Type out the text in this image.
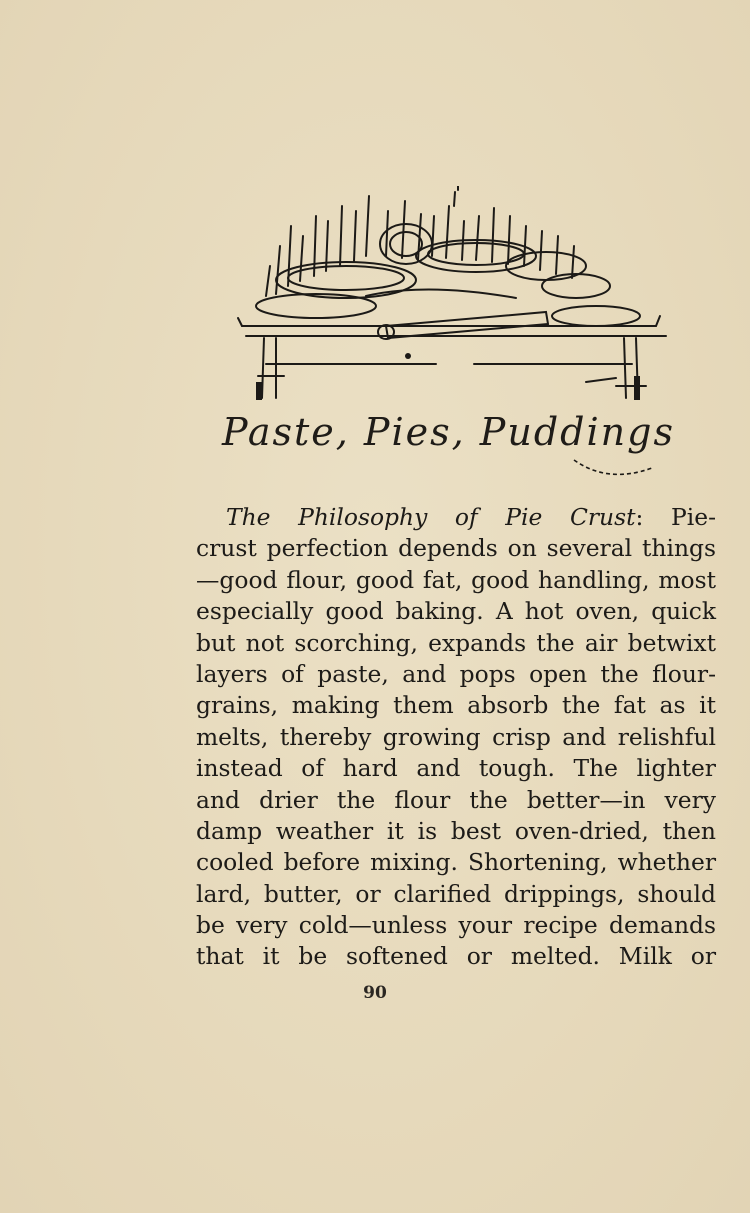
Paste, Pies, Puddings
The Philosophy of Pie Crust: Pie-
crust perfection depends on several things
—good flour, good fat, good handling, most
especially good baking. A hot oven, quick
but not scorching, expands the air betwixt
layers of paste, and pops open the flour-
grains, making them absorb the fat as it
melts, thereby growing crisp and relishful
instead of hard and tough. The lighter
and drier the flour the better—in very
damp weather it is best oven-dried, then
cooled before mixing. Shortening, whether
lard, butter, or clarified drippings, should
be very cold—unless your recipe demands
that it be softened or melted. Milk or
90
